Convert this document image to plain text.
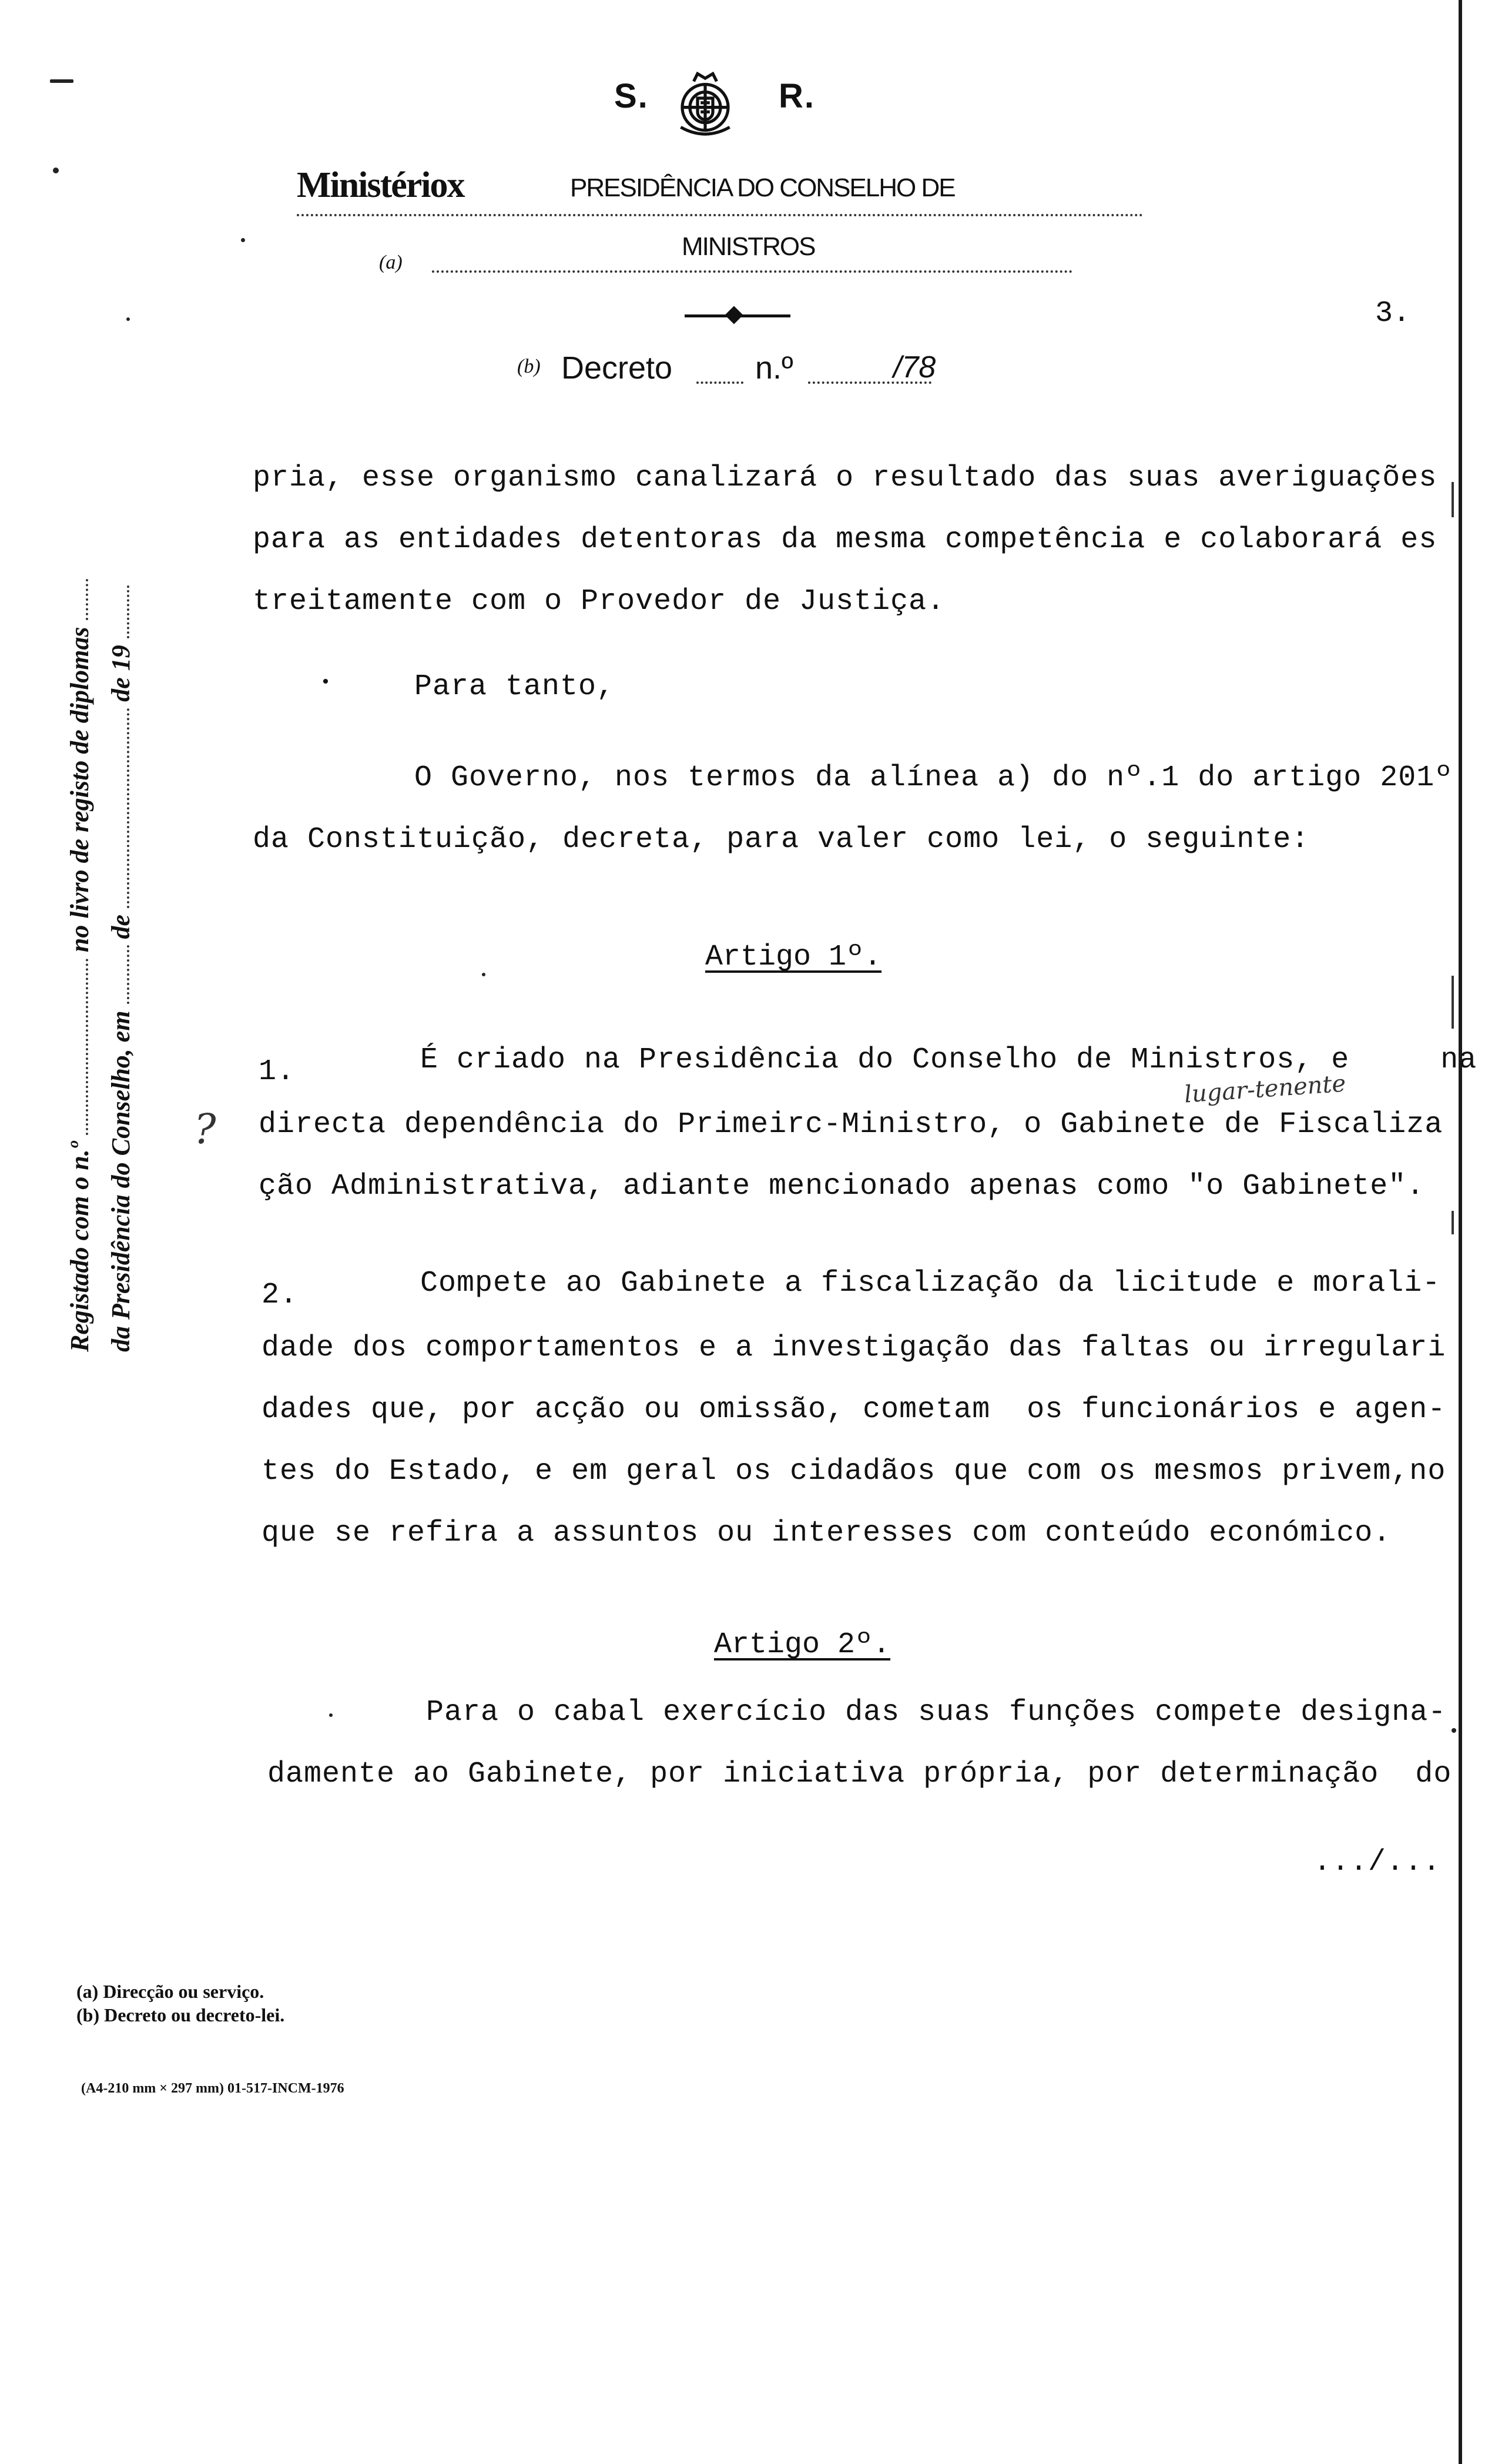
S.	R.
Ministériox	PRESIDÊNCIA DO CONSELHO DE
(a)
MINISTROS
3.
(b) Decreto	n.º	/78
Registado com o n.º  no livro de registo de diplomas
da Presidência do Conselho, em  de  de 19
pria, esse organismo canalizará o resultado das suas averiguações
para as entidades detentoras da mesma competência e colaborará es
treitamente com o Provedor de Justiça.
•	Para tanto,
O Governo, nos termos da alínea a) do nº.1 do artigo 201º
da Constituição, decreta, para valer como lei, o seguinte:
Artigo 1º.
1.	É criado na Presidência do Conselho de Ministros, e     na
lugar-tenente
? directa dependência do Primeirc-Ministro, o Gabinete de Fiscaliza
ção Administrativa, adiante mencionado apenas como "o Gabinete".
2.	Compete ao Gabinete a fiscalização da licitude e morali-
dade dos comportamentos e a investigação das faltas ou irregulari
dades que, por acção ou omissão, cometam  os funcionários e agen-
tes do Estado, e em geral os cidadãos que com os mesmos privem,no
que se refira a assuntos ou interesses com conteúdo económico.
Artigo 2º.
Para o cabal exercício das suas funções compete designa-
damente ao Gabinete, por iniciativa própria, por determinação  do
.../...
(a) Direcção ou serviço.
(b) Decreto ou decreto-lei.
(A4-210 mm × 297 mm) 01-517-INCM-1976
